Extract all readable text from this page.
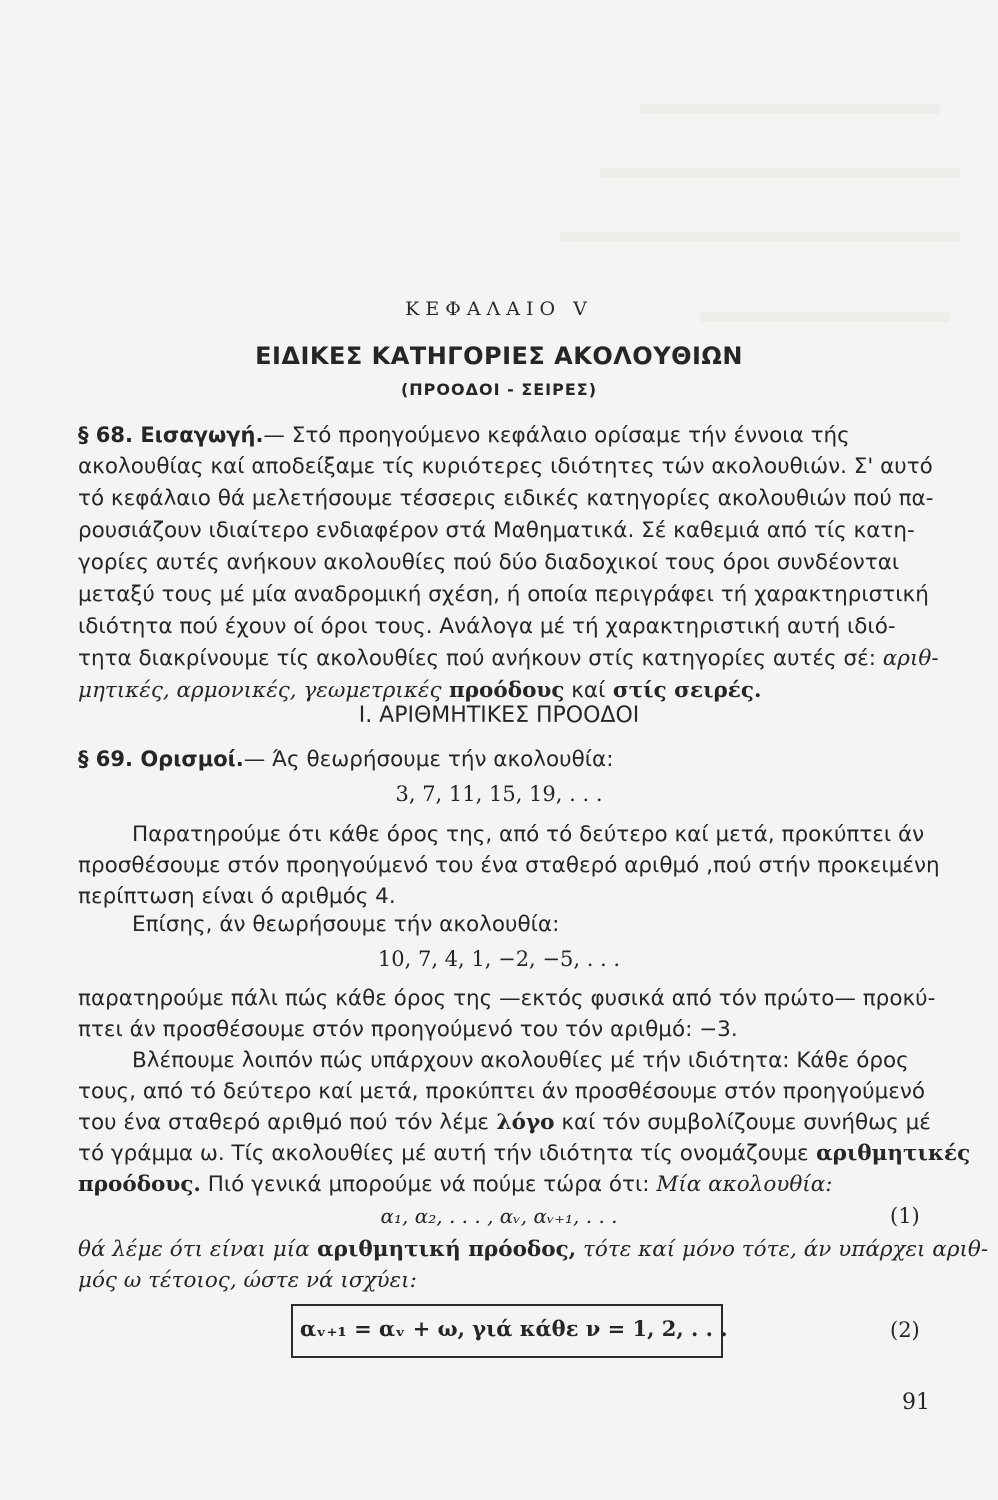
ΚΕΦΑΛΑΙΟ V
ΕΙΔΙΚΕΣ ΚΑΤΗΓΟΡΙΕΣ ΑΚΟΛΟΥΘΙΩΝ
(ΠΡΟΟΔΟΙ - ΣΕΙΡΕΣ)
§ 68. Εισαγωγή.— Στό προηγούμενο κεφάλαιο ορίσαμε τήν έννοια τής
ακολουθίας καί αποδείξαμε τίς κυριότερες ιδιότητες τών ακολουθιών. Σ' αυτό
τό κεφάλαιο θά μελετήσουμε τέσσερις ειδικές κατηγορίες ακολουθιών πού πα-
ρουσιάζουν ιδιαίτερο ενδιαφέρον στά Μαθηματικά. Σέ καθεμιά από τίς κατη-
γορίες αυτές ανήκουν ακολουθίες πού δύο διαδοχικοί τους όροι συνδέονται
μεταξύ τους μέ μία αναδρομική σχέση, ή οποία περιγράφει τή χαρακτηριστική
ιδιότητα πού έχουν οί όροι τους. Ανάλογα μέ τή χαρακτηριστική αυτή ιδιό-
τητα διακρίνουμε τίς ακολουθίες πού ανήκουν στίς κατηγορίες αυτές σέ: αριθ-
μητικές, αρμονικές, γεωμετρικές προόδους καί στίς σειρές.
Ι. ΑΡΙΘΜΗΤΙΚΕΣ ΠΡΟΟΔΟΙ
§ 69. Ορισμοί.— Άς θεωρήσουμε τήν ακολουθία:
3, 7, 11, 15, 19, . . .
Παρατηρούμε ότι κάθε όρος της, από τό δεύτερο καί μετά, προκύπτει άν
προσθέσουμε στόν προηγούμενό του ένα σταθερό αριθμό ,πού στήν προκειμένη
περίπτωση είναι ό αριθμός 4.
Επίσης, άν θεωρήσουμε τήν ακολουθία:
10, 7, 4, 1, −2, −5, . . .
παρατηρούμε πάλι πώς κάθε όρος της —εκτός φυσικά από τόν πρώτο— προκύ-
πτει άν προσθέσουμε στόν προηγούμενό του τόν αριθμό: −3.
Βλέπουμε λοιπόν πώς υπάρχουν ακολουθίες μέ τήν ιδιότητα: Κάθε όρος
τους, από τό δεύτερο καί μετά, προκύπτει άν προσθέσουμε στόν προηγούμενό
του ένα σταθερό αριθμό πού τόν λέμε λόγο καί τόν συμβολίζουμε συνήθως μέ
τό γράμμα ω. Τίς ακολουθίες μέ αυτή τήν ιδιότητα τίς ονομάζουμε αριθμητικές
προόδους. Πιό γενικά μπορούμε νά πούμε τώρα ότι: Μία ακολουθία:
α₁, α₂, . . . , αᵥ, αᵥ₊₁, . . .	(1)
θά λέμε ότι είναι μία αριθμητική πρόοδος, τότε καί μόνο τότε, άν υπάρχει αριθ-
μός ω τέτοιος, ώστε νά ισχύει:
αᵥ₊₁ = αᵥ + ω, γιά κάθε ν = 1, 2, . . .	(2)
91
